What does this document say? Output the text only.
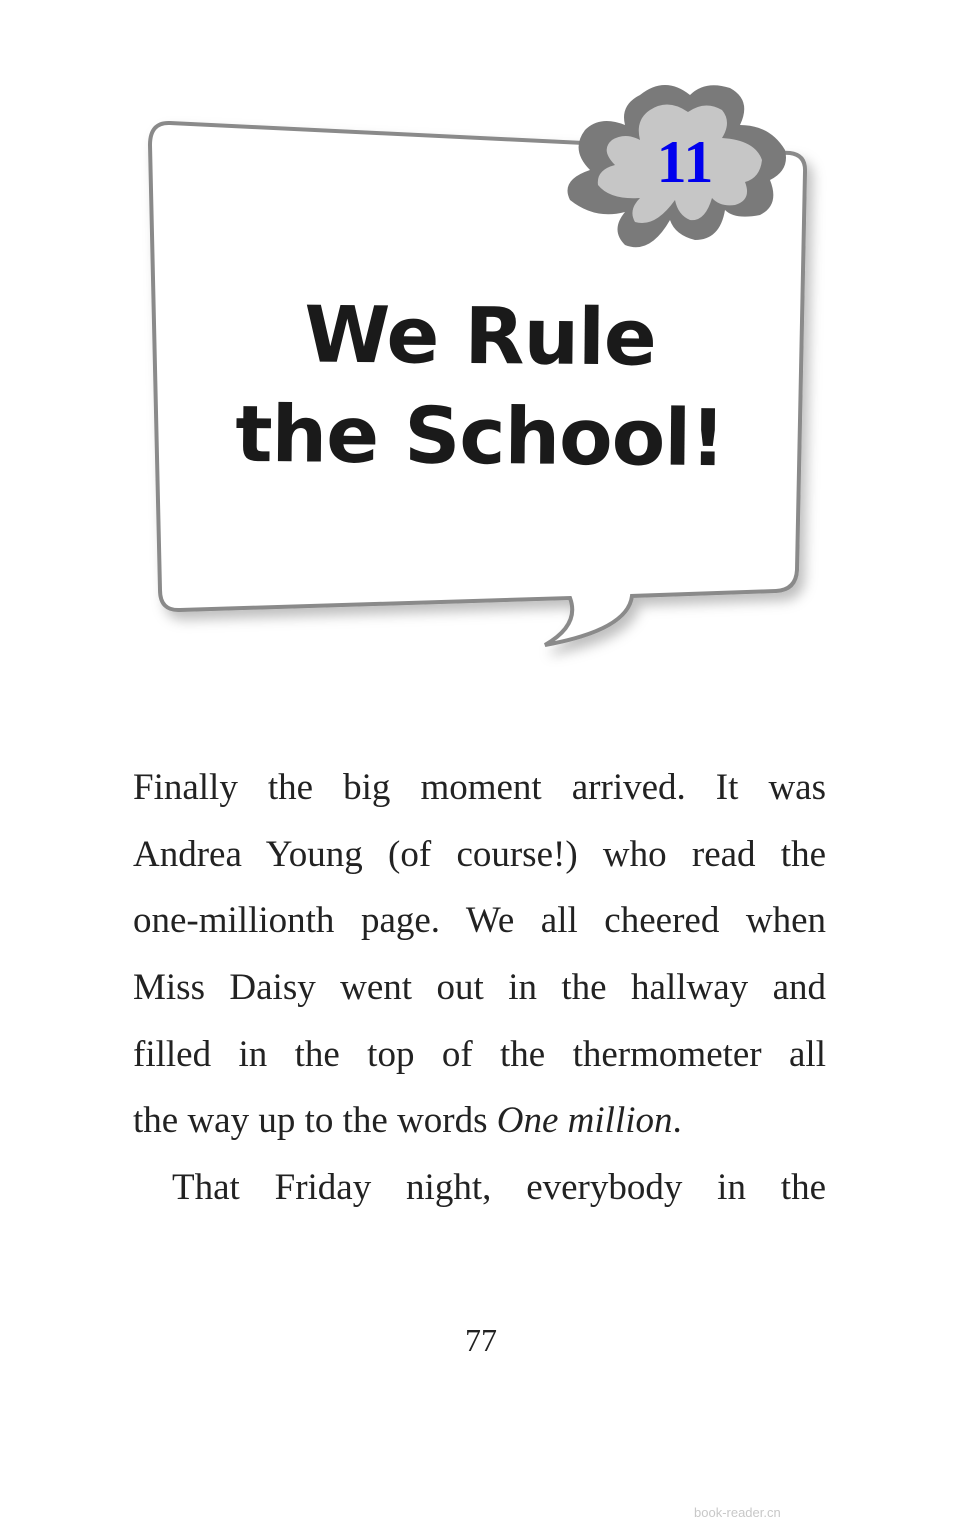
11
We Rule
the School!
Finally the big moment arrived. It was
Andrea Young (of course!) who read the
one-millionth page. We all cheered when
Miss Daisy went out in the hallway and
filled in the top of the thermometer all
the way up to the words One million.
That Friday night, everybody in the
77
book-reader.cn
